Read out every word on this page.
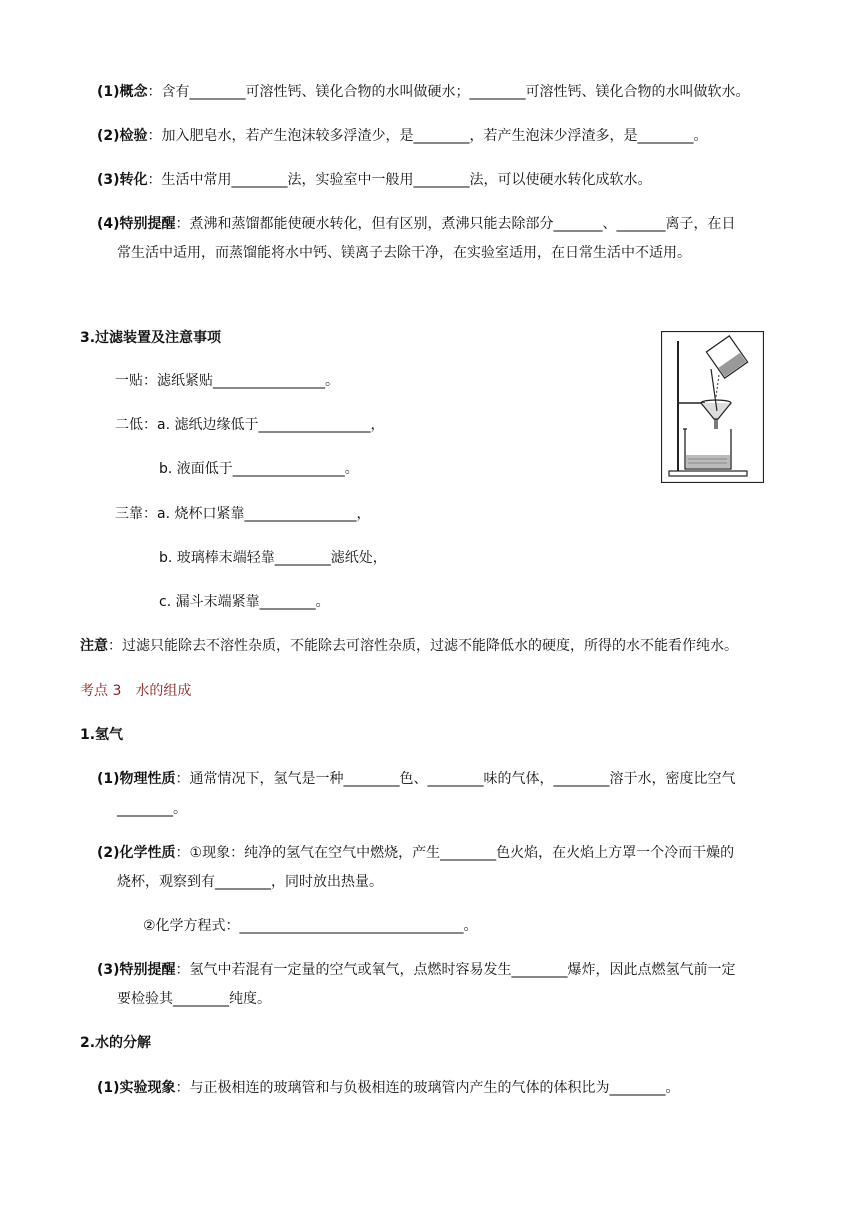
(1)概念：含有________可溶性钙、镁化合物的水叫做硬水；________可溶性钙、镁化合物的水叫做软水。
(2)检验：加入肥皂水，若产生泡沫较多浮渣少，是________，若产生泡沫少浮渣多，是________。
(3)转化：生活中常用________法，实验室中一般用________法，可以使硬水转化成软水。
(4)特别提醒：煮沸和蒸馏都能使硬水转化，但有区别，煮沸只能去除部分_______、_______离子，在日
常生活中适用，而蒸馏能将水中钙、镁离子去除干净，在实验室适用，在日常生活中不适用。
3.过滤装置及注意事项
一贴：滤纸紧贴________________。
二低：a. 滤纸边缘低于________________，
b. 液面低于________________。
三靠：a. 烧杯口紧靠________________，
b. 玻璃棒末端轻靠________滤纸处，
c. 漏斗末端紧靠________。
注意：过滤只能除去不溶性杂质，不能除去可溶性杂质，过滤不能降低水的硬度，所得的水不能看作纯水。
考点 3　水的组成
1.氢气
(1)物理性质：通常情况下，氢气是一种________色、________味的气体，________溶于水，密度比空气
________。
(2)化学性质：①现象：纯净的氢气在空气中燃烧，产生________色火焰，在火焰上方罩一个冷而干燥的
烧杯，观察到有________，同时放出热量。
②化学方程式：________________________________。
(3)特别提醒：氢气中若混有一定量的空气或氧气，点燃时容易发生________爆炸，因此点燃氢气前一定
要检验其________纯度。
2.水的分解
(1)实验现象：与正极相连的玻璃管和与负极相连的玻璃管内产生的气体的体积比为________。
